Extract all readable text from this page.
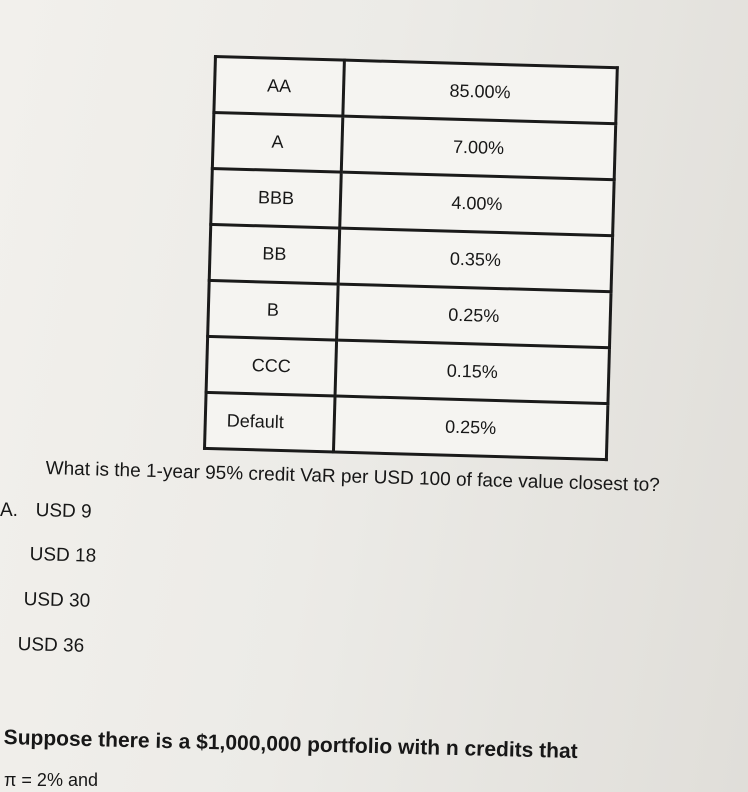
AA	85.00%
A	7.00%
BBB	4.00%
BB	0.35%
B	0.25%
CCC	0.15%
Default	0.25%
What is the 1-year 95% credit VaR per USD 100 of face value closest to?
А. USD 9
USD 18
USD 30
USD 36
Suppose there is a $1,000,000 portfolio with n credits that
π = 2% and
